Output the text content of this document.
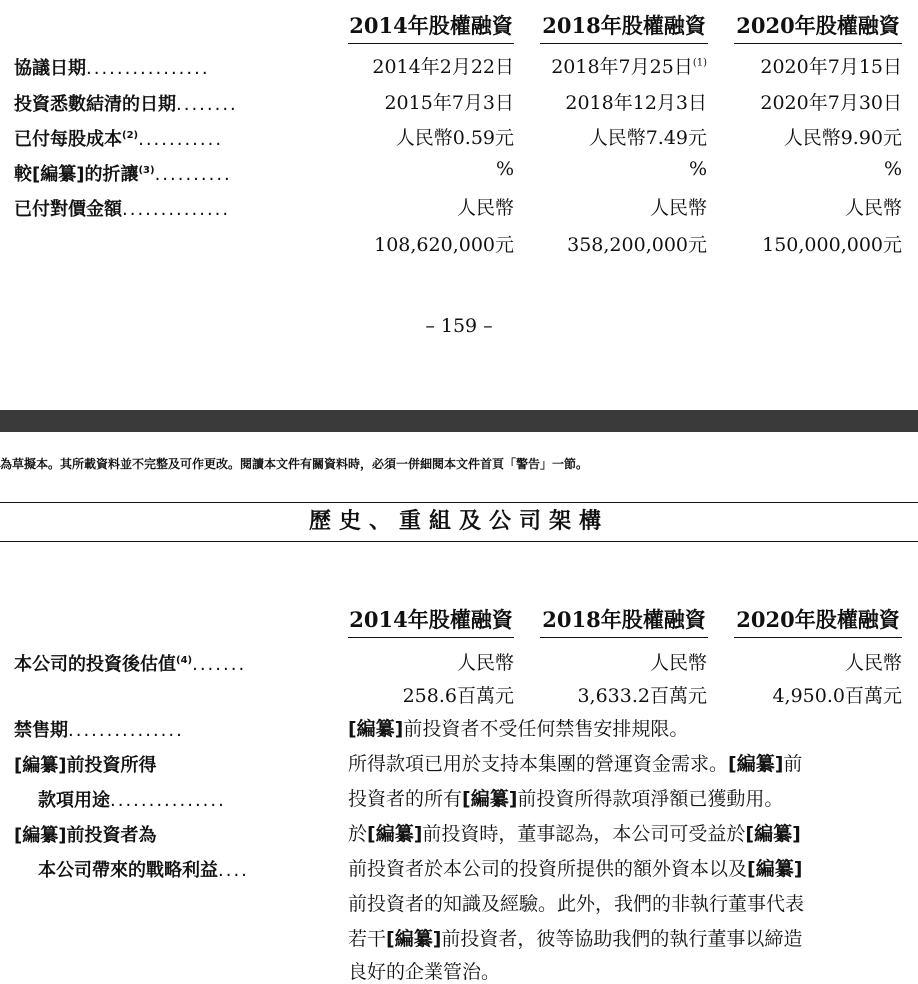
2014年股權融資 2018年股權融資 2020年股權融資
協議日期................	2014年2月22日 2018年7月25日$^{(1)}$	2020年7月15日
投資悉數結清的日期........	2015年7月3日	2018年12月3日	2020年7月30日
已付每股成本$^{(2)}$...........	人民幣0.59元	人民幣7.49元	人民幣9.90元
較[編纂]的折讓$^{(3)}$..........	%	%	%
已付對價金額..............	人民幣	人民幣	人民幣
108,620,000元	358,200,000元	150,000,000元
– 159 –
為草擬本。其所載資料並不完整及可作更改。閱讀本文件有關資料時，必須一併細閱本文件首頁「警告」一節。
歷史、重組及公司架構
2014年股權融資 2018年股權融資 2020年股權融資
本公司的投資後估值$^{(4)}$.......	人民幣	人民幣	人民幣
258.6百萬元	3,633.2百萬元	4,950.0百萬元
禁售期...............	[編纂]前投資者不受任何禁售安排規限。
[編纂]前投資所得
款項用途...............
所得款項已用於支持本集團的營運資金需求。[編纂]前
投資者的所有[編纂]前投資所得款項淨額已獲動用。
[編纂]前投資者為
本公司帶來的戰略利益....
於[編纂]前投資時，董事認為，本公司可受益於[編纂]
前投資者於本公司的投資所提供的額外資本以及[編纂]
前投資者的知識及經驗。此外，我們的非執行董事代表
若干[編纂]前投資者，彼等協助我們的執行董事以締造
良好的企業管治。
